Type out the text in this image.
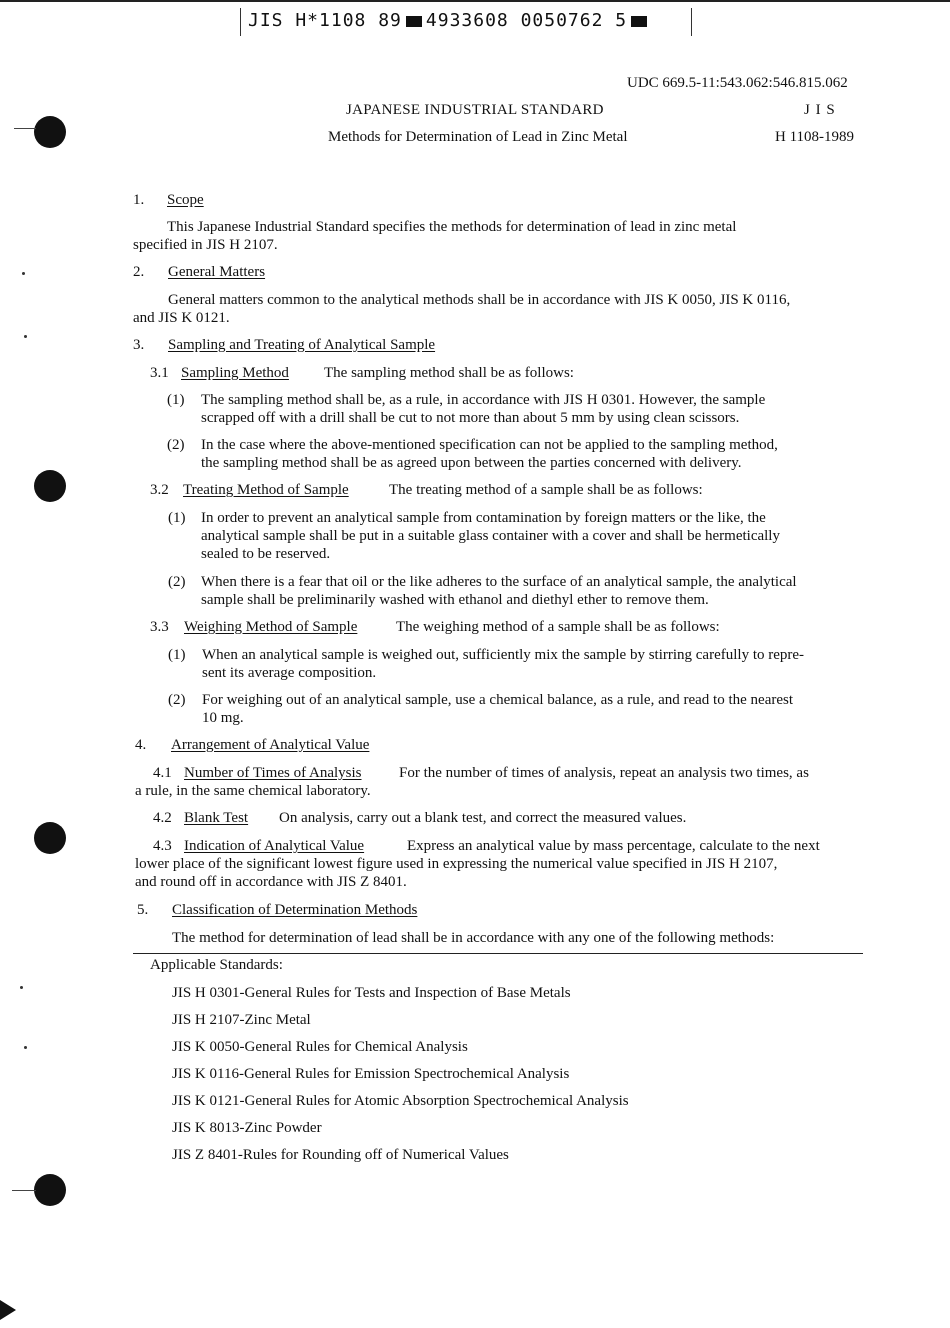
JIS H*1108 89 4933608 0050762 5
UDC 669.5-11:543.062:546.815.062
JAPANESE INDUSTRIAL STANDARD	J I S
Methods for Determination of Lead in Zinc Metal	H 1108-1989
1. Scope
This Japanese Industrial Standard specifies the methods for determination of lead in zinc metal
specified in JIS H 2107.
2. General Matters
General matters common to the analytical methods shall be in accordance with JIS K 0050, JIS K 0116,
and JIS K 0121.
3. Sampling and Treating of Analytical Sample
3.1 Sampling Method The sampling method shall be as follows:
(1) The sampling method shall be, as a rule, in accordance with JIS H 0301. However, the sample
scrapped off with a drill shall be cut to not more than about 5 mm by using clean scissors.
(2) In the case where the above-mentioned specification can not be applied to the sampling method,
the sampling method shall be as agreed upon between the parties concerned with delivery.
3.2 Treating Method of Sample	The treating method of a sample shall be as follows:
(1) In order to prevent an analytical sample from contamination by foreign matters or the like, the
analytical sample shall be put in a suitable glass container with a cover and shall be hermetically
sealed to be reserved.
(2) When there is a fear that oil or the like adheres to the surface of an analytical sample, the analytical
sample shall be preliminarily washed with ethanol and diethyl ether to remove them.
3.3 Weighing Method of Sample	The weighing method of a sample shall be as follows:
(1) When an analytical sample is weighed out, sufficiently mix the sample by stirring carefully to repre-
sent its average composition.
(2) For weighing out of an analytical sample, use a chemical balance, as a rule, and read to the nearest
10 mg.
4. Arrangement of Analytical Value
4.1 Number of Times of Analysis For the number of times of analysis, repeat an analysis two times, as
a rule, in the same chemical laboratory.
4.2 Blank Test On analysis, carry out a blank test, and correct the measured values.
4.3 Indication of Analytical Value	Express an analytical value by mass percentage, calculate to the next
lower place of the significant lowest figure used in expressing the numerical value specified in JIS H 2107,
and round off in accordance with JIS Z 8401.
5. Classification of Determination Methods
The method for determination of lead shall be in accordance with any one of the following methods:
Applicable Standards:
JIS H 0301-General Rules for Tests and Inspection of Base Metals
JIS H 2107-Zinc Metal
JIS K 0050-General Rules for Chemical Analysis
JIS K 0116-General Rules for Emission Spectrochemical Analysis
JIS K 0121-General Rules for Atomic Absorption Spectrochemical Analysis
JIS K 8013-Zinc Powder
JIS Z 8401-Rules for Rounding off of Numerical Values
